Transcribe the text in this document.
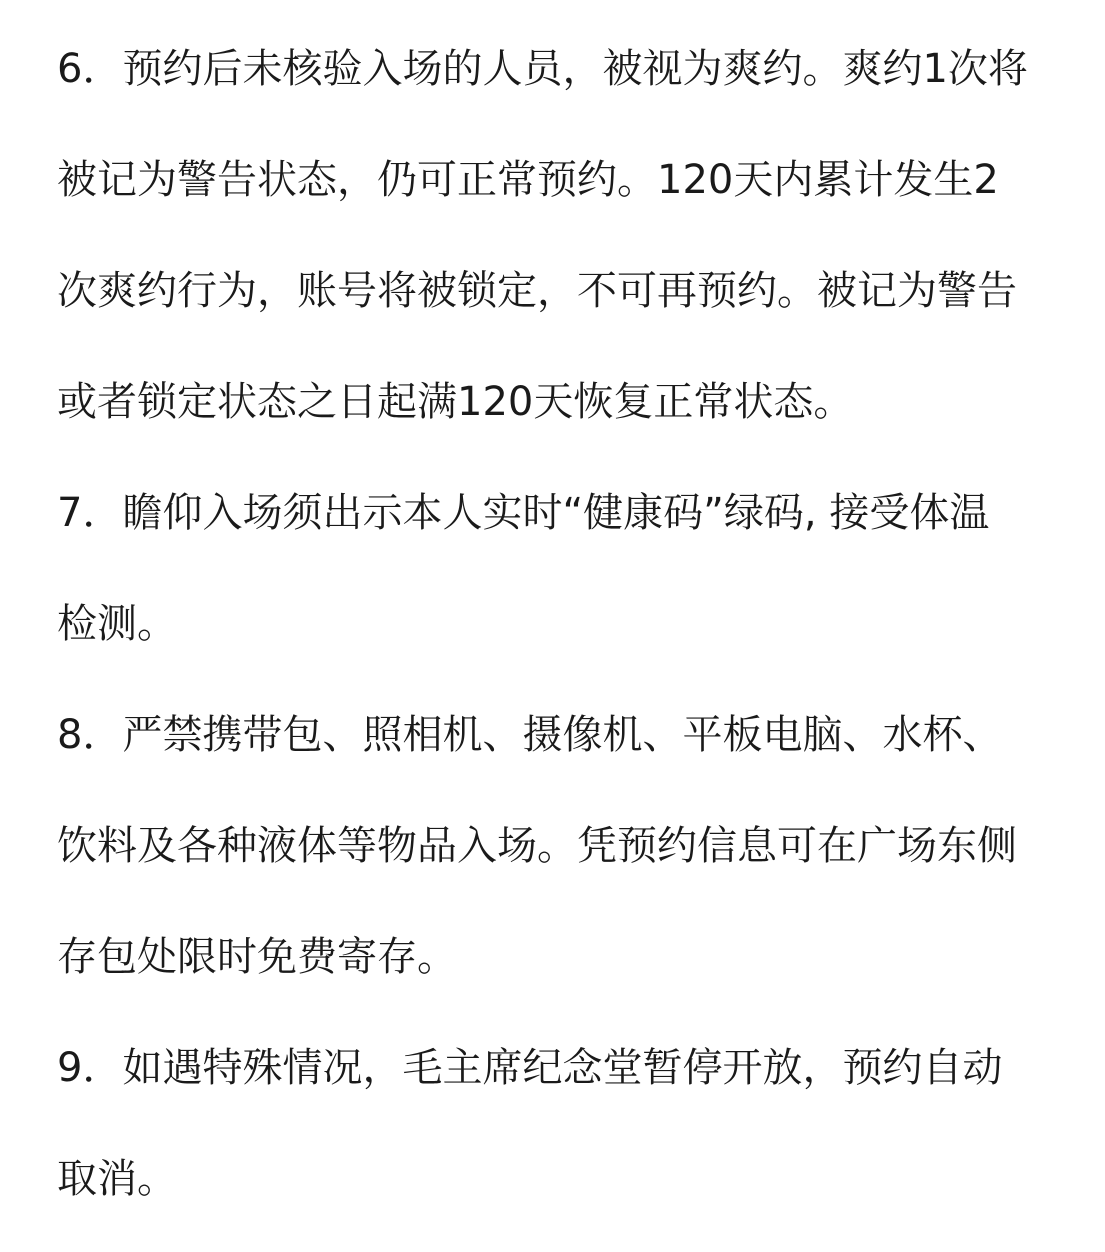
6．预约后未核验入场的人员，被视为爽约。爽约1次将
被记为警告状态，仍可正常预约。120天内累计发生2
次爽约行为，账号将被锁定，不可再预约。被记为警告
或者锁定状态之日起满120天恢复正常状态。
7．瞻仰入场须出示本人实时“健康码”绿码, 接受体温
检测。
8．严禁携带包、照相机、摄像机、平板电脑、水杯、
饮料及各种液体等物品入场。凭预约信息可在广场东侧
存包处限时免费寄存。
9．如遇特殊情况，毛主席纪念堂暂停开放，预约自动
取消。
